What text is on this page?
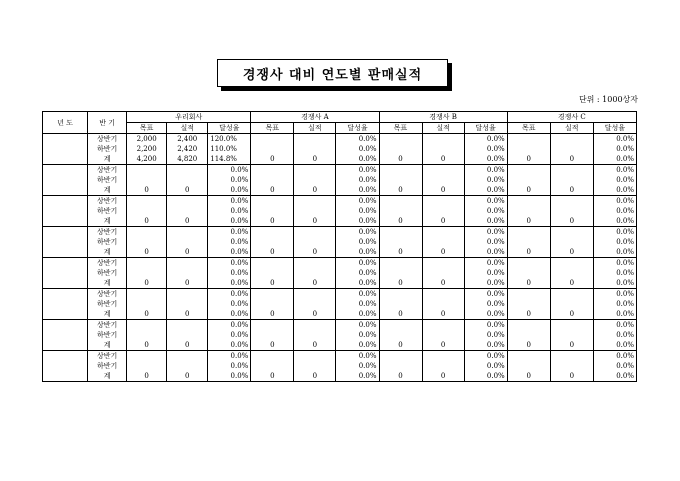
경쟁사 대비 연도별 판매실적
단위 : 1000상자
년 도	반 기	우리회사			경쟁사 A			경쟁사 B			경쟁사 C		
		목표	실적	달성율	목표	실적	달성율	목표	실적	달성율	목표	실적	달성율
	상반기	2,000	2,400	120.0%			0.0%			0.0%			0.0%
	하반기	2,200	2,420	110.0%			0.0%			0.0%			0.0%
	계	4,200	4,820	114.8%	0	0	0.0%	0	0	0.0%	0	0	0.0%
	상반기			0.0%			0.0%			0.0%			0.0%
	하반기			0.0%			0.0%			0.0%			0.0%
	계	0	0	0.0%	0	0	0.0%	0	0	0.0%	0	0	0.0%
	상반기			0.0%			0.0%			0.0%			0.0%
	하반기			0.0%			0.0%			0.0%			0.0%
	계	0	0	0.0%	0	0	0.0%	0	0	0.0%	0	0	0.0%
	상반기			0.0%			0.0%			0.0%			0.0%
	하반기			0.0%			0.0%			0.0%			0.0%
	계	0	0	0.0%	0	0	0.0%	0	0	0.0%	0	0	0.0%
	상반기			0.0%			0.0%			0.0%			0.0%
	하반기			0.0%			0.0%			0.0%			0.0%
	계	0	0	0.0%	0	0	0.0%	0	0	0.0%	0	0	0.0%
	상반기			0.0%			0.0%			0.0%			0.0%
	하반기			0.0%			0.0%			0.0%			0.0%
	계	0	0	0.0%	0	0	0.0%	0	0	0.0%	0	0	0.0%
	상반기			0.0%			0.0%			0.0%			0.0%
	하반기			0.0%			0.0%			0.0%			0.0%
	계	0	0	0.0%	0	0	0.0%	0	0	0.0%	0	0	0.0%
	상반기			0.0%			0.0%			0.0%			0.0%
	하반기			0.0%			0.0%			0.0%			0.0%
	계	0	0	0.0%	0	0	0.0%	0	0	0.0%	0	0	0.0%
